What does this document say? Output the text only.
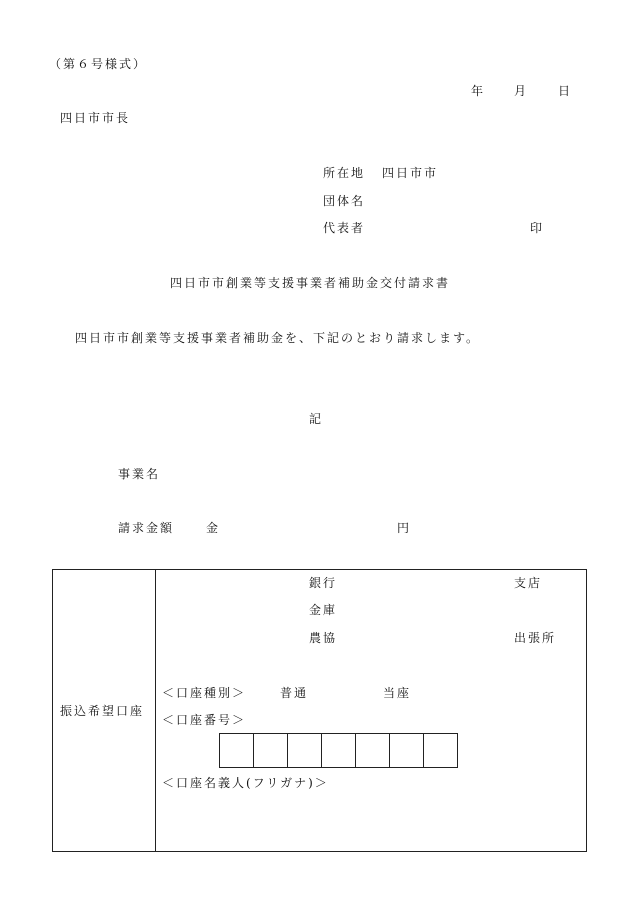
（第６号様式）
年 月 日
四日市市長
所在地 四日市市
団体名
代表者	印
四日市市創業等支援事業者補助金交付請求書
四日市市創業等支援事業者補助金を、下記のとおり請求します。
記
事業名
請求金額	金	円
振込希望口座
銀行	支店
金庫
農協	出張所
＜口座種別＞	普通	当座
＜口座番号＞
＜口座名義人(フリガナ)＞
